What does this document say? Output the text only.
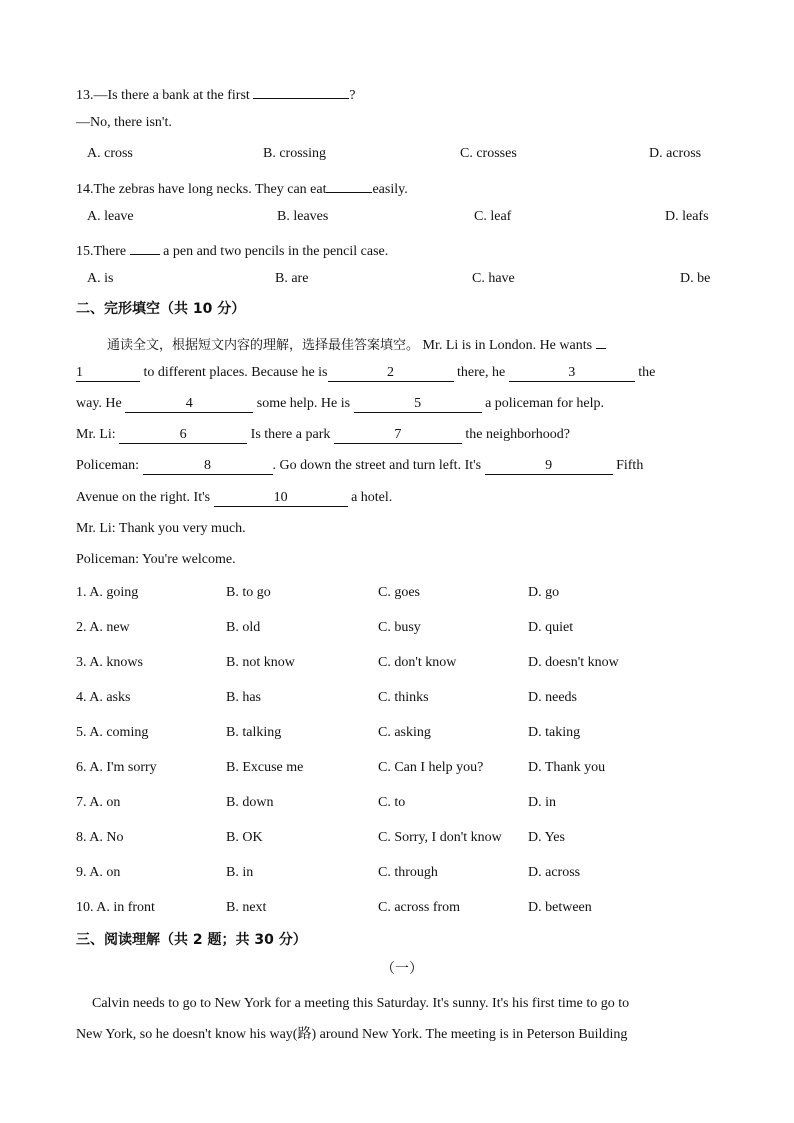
13.—Is there a bank at the first	?
—No, there isn't.
A. cross	B. crossing	C. crosses	D. across
14.The zebras have long necks. They can eat	easily.
A. leave	B. leaves	C. leaf	D. leafs
15.There  a pen and two pencils in the pencil case.
A. is	B. are	C. have	D. be
二、完形填空（共 10 分）
通读全文，根据短文内容的理解，选择最佳答案填空。 Mr. Li is in London. He wants
1	to different places. Because he is	2	there, he	3	the
way. He	4	some help. He is	5	a policeman for help.
Mr. Li:	6	Is there a park	7	the neighborhood?
Policeman:	8	. Go down the street and turn left. It's	9	Fifth
Avenue on the right. It's	10	a hotel.
Mr. Li: Thank you very much.
Policeman: You're welcome.
1. A. going	B. to go	C. goes	D. go
2. A. new	B. old	C. busy	D. quiet
3. A. knows	B. not know	C. don't know	D. doesn't know
4. A. asks	B. has	C. thinks	D. needs
5. A. coming	B. talking	C. asking	D. taking
6. A. I'm sorry	B. Excuse me	C. Can I help you?	D. Thank you
7. A. on	B. down	C. to	D. in
8. A. No	B. OK	C. Sorry, I don't know D. Yes
9. A. on	B. in	C. through	D. across
10. A. in front	B. next	C. across from	D. between
三、阅读理解（共 2 题；共 30 分）
（一）
Calvin needs to go to New York for a meeting this Saturday. It's sunny. It's his first time to go to
New York, so he doesn't know his way(路) around New York. The meeting is in Peterson Building
